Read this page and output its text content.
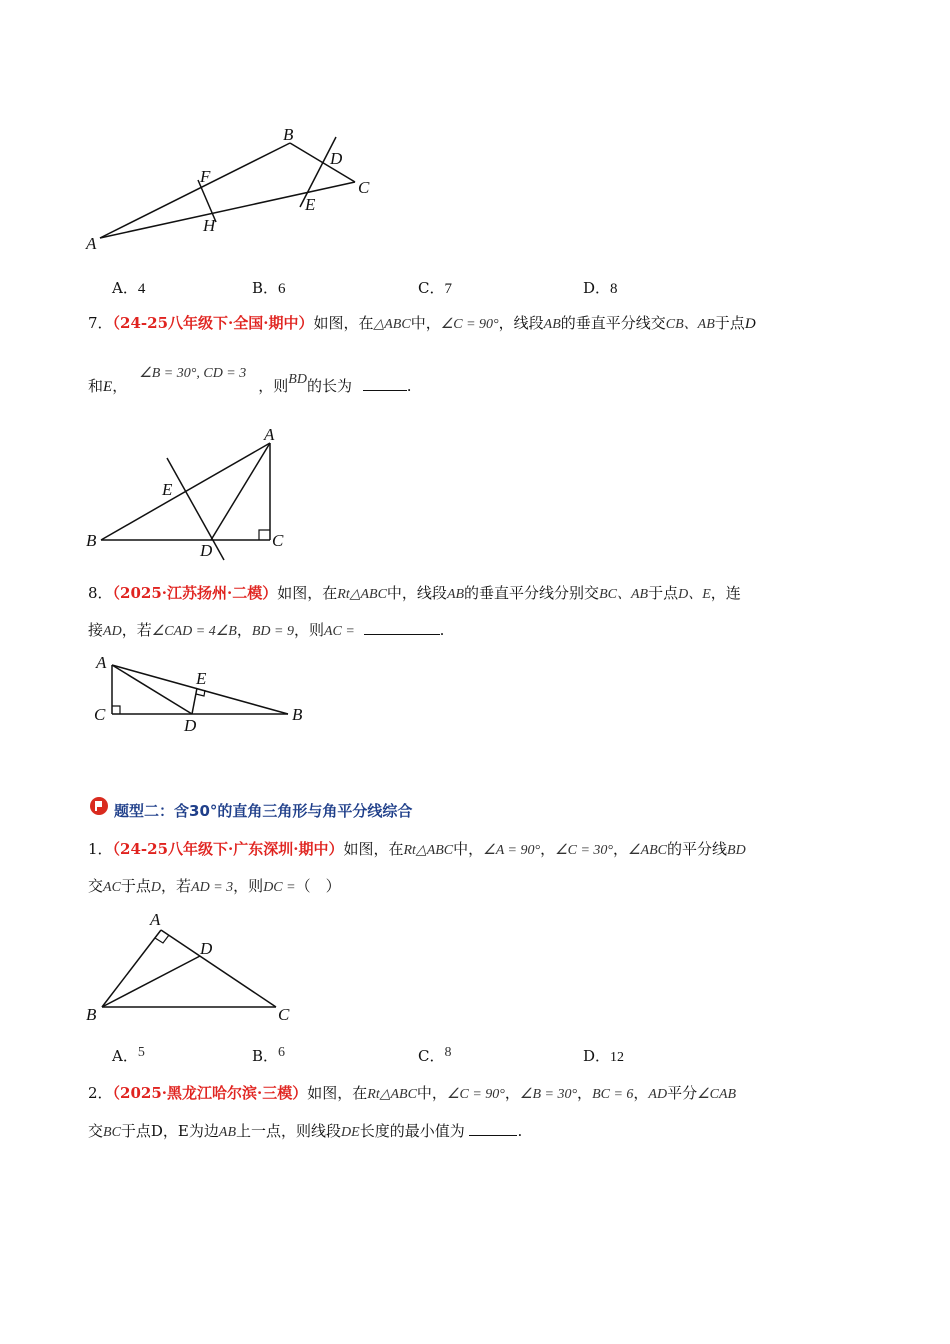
A
B
C
D
E
F
H
A．4	B．6	C．7	D．8
7．（24-25八年级下·全国·期中）如图，在△ABC中，∠C = 90°，线段AB的垂直平分线交CB、AB于点D
和E，∠B = 30°, CD = 3，则BD的长为	.
A
B	C
D
E
8．（2025·江苏扬州·二模）如图，在Rt△ABC中，线段AB的垂直平分线分别交BC、AB于点D、E，连
接AD，若∠CAD = 4∠B，BD = 9，则AC =	.
A
B
C
D
E
题型二：含30°的直角三角形与角平分线综合
1．（24-25八年级下·广东深圳·期中）如图，在Rt△ABC中，∠A = 90°，∠C = 30°，∠ABC的平分线BD
交AC于点D，若AD = 3，则DC =（　）
A
B	C
D
A．5	B．6	C．8	D．12
2．（2025·黑龙江哈尔滨·三模）如图，在Rt△ABC中，∠C = 90°，∠B = 30°，BC = 6，AD平分∠CAB
交BC于点D，E为边AB上一点，则线段DE长度的最小值为	.
